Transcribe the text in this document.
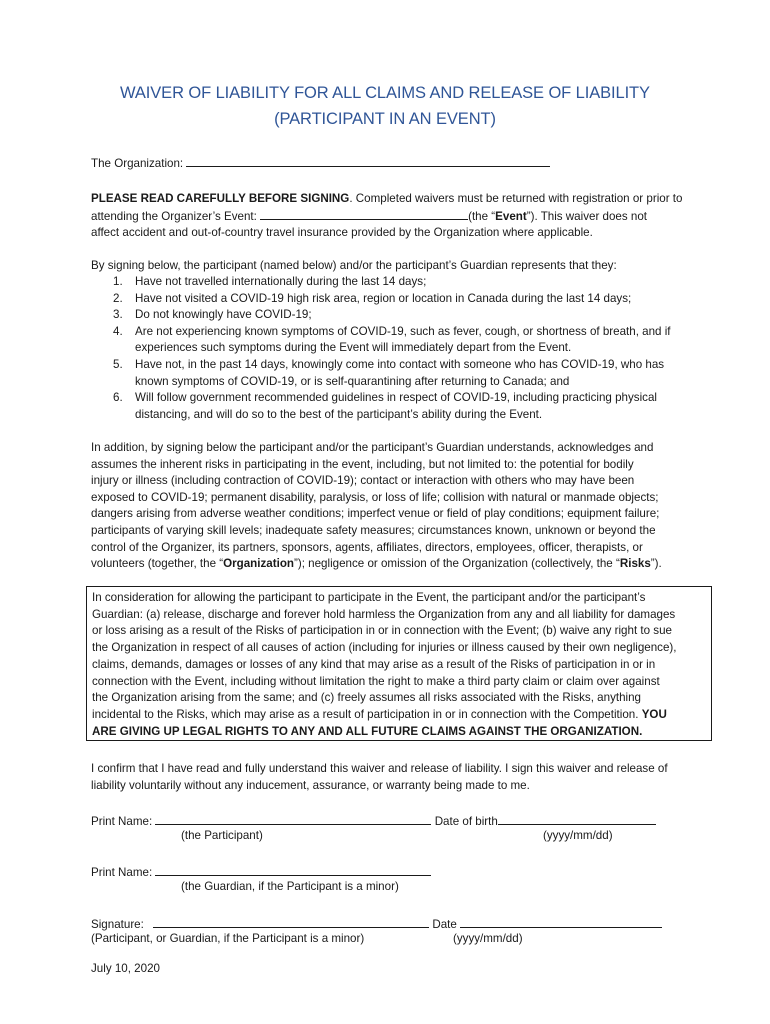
WAIVER OF LIABILITY FOR ALL CLAIMS AND RELEASE OF LIABILITY
(PARTICIPANT IN AN EVENT)
The Organization:
PLEASE READ CAREFULLY BEFORE SIGNING. Completed waivers must be returned with registration or prior to
attending the Organizer’s Event:	(the “Event”). This waiver does not
affect accident and out-of-country travel insurance provided by the Organization where applicable.
By signing below, the participant (named below) and/or the participant’s Guardian represents that they:
1. Have not travelled internationally during the last 14 days;
2. Have not visited a COVID-19 high risk area, region or location in Canada during the last 14 days;
3. Do not knowingly have COVID-19;
4. Are not experiencing known symptoms of COVID-19, such as fever, cough, or shortness of breath, and if
experiences such symptoms during the Event will immediately depart from the Event.
5. Have not, in the past 14 days, knowingly come into contact with someone who has COVID-19, who has
known symptoms of COVID-19, or is self-quarantining after returning to Canada; and
6. Will follow government recommended guidelines in respect of COVID-19, including practicing physical
distancing, and will do so to the best of the participant’s ability during the Event.
In addition, by signing below the participant and/or the participant’s Guardian understands, acknowledges and
assumes the inherent risks in participating in the event, including, but not limited to: the potential for bodily
injury or illness (including contraction of COVID-19); contact or interaction with others who may have been
exposed to COVID-19; permanent disability, paralysis, or loss of life; collision with natural or manmade objects;
dangers arising from adverse weather conditions; imperfect venue or field of play conditions; equipment failure;
participants of varying skill levels; inadequate safety measures; circumstances known, unknown or beyond the
control of the Organizer, its partners, sponsors, agents, affiliates, directors, employees, officer, therapists, or
volunteers (together, the “Organization”); negligence or omission of the Organization (collectively, the “Risks”).
In consideration for allowing the participant to participate in the Event, the participant and/or the participant’s
Guardian: (a) release, discharge and forever hold harmless the Organization from any and all liability for damages
or loss arising as a result of the Risks of participation in or in connection with the Event; (b) waive any right to sue
the Organization in respect of all causes of action (including for injuries or illness caused by their own negligence),
claims, demands, damages or losses of any kind that may arise as a result of the Risks of participation in or in
connection with the Event, including without limitation the right to make a third party claim or claim over against
the Organization arising from the same; and (c) freely assumes all risks associated with the Risks, anything
incidental to the Risks, which may arise as a result of participation in or in connection with the Competition. YOU
ARE GIVING UP LEGAL RIGHTS TO ANY AND ALL FUTURE CLAIMS AGAINST THE ORGANIZATION.
I confirm that I have read and fully understand this waiver and release of liability. I sign this waiver and release of
liability voluntarily without any inducement, assurance, or warranty being made to me.
Print Name:	Date of birth
(the Participant)	(yyyy/mm/dd)
Print Name:
(the Guardian, if the Participant is a minor)
Signature:	Date
(Participant, or Guardian, if the Participant is a minor)	(yyyy/mm/dd)
July 10, 2020
